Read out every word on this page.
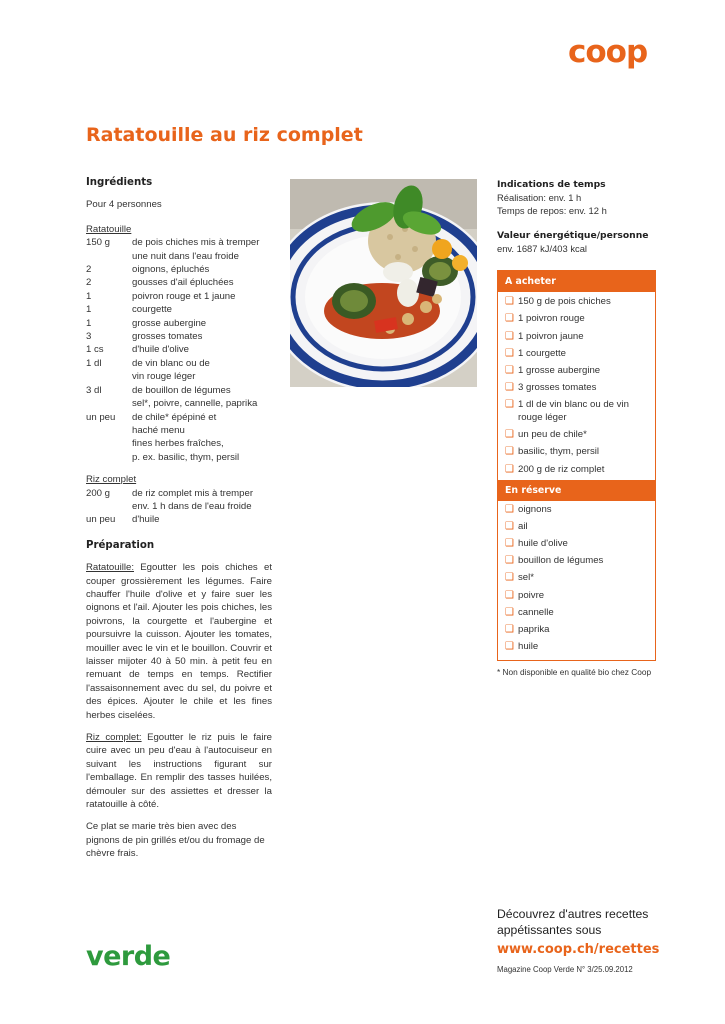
coop
Ratatouille au riz complet
Ingrédients
Pour 4 personnes
Ratatouille
150 g	de pois chiches mis à tremper
une nuit dans l'eau froide
2	oignons, épluchés
2	gousses d'ail épluchées
1	poivron rouge et 1 jaune
1	courgette
1	grosse aubergine
3	grosses tomates
1 cs	d'huile d'olive
1 dl	de vin blanc ou de
vin rouge léger
3 dl	de bouillon de légumes
sel*, poivre, cannelle, paprika
un peu	de chile* épépiné et
haché menu
fines herbes fraîches,
p. ex. basilic, thym, persil
Riz complet
200 g	de riz complet mis à tremper
env. 1 h dans de l'eau froide
un peu	d'huile
Préparation

Ratatouille: Egoutter les pois chiches et couper grossièrement les légumes. Faire chauffer l'huile d'olive et y faire suer les oignons et l'ail. Ajouter les pois chiches, les poivrons, la courgette et l'aubergine et poursuivre la cuisson. Ajouter les tomates, mouiller avec le vin et le bouillon. Couvrir et laisser mijoter 40 à 50 min. à petit feu en remuant de temps en temps. Rectifier l'assaisonnement avec du sel, du poivre et des épices. Ajouter le chile et les fines herbes ciselées.

Riz complet: Egoutter le riz puis le faire cuire avec un peu d'eau à l'autocuiseur en suivant les instructions figurant sur l'emballage. En remplir des tasses huilées, démouler sur des assiettes et dresser la ratatouille à côté.

Ce plat se marie très bien avec des pignons de pin grillés et/ou du fromage de chèvre frais.

Indications de temps
Réalisation: env. 1 h
Temps de repos: env. 12 h
Valeur énergétique/personne
env. 1687 kJ/403 kcal
A acheter
❑ 150 g de pois chiches
❑ 1 poivron rouge
❑ 1 poivron jaune
❑ 1 courgette
❑ 1 grosse aubergine
❑ 3 grosses tomates
❑ 1 dl de vin blanc ou de vin rouge léger
❑ un peu de chile*
❑ basilic, thym, persil
❑ 200 g de riz complet
En réserve
❑ oignons
❑ ail
❑ huile d'olive
❑ bouillon de légumes
❑ sel*
❑ poivre
❑ cannelle
❑ paprika
❑ huile
* Non disponible en qualité bio chez Coop
Découvrez d'autres recettes appétissantes sous
www.coop.ch/recettes
Magazine Coop Verde N° 3/25.09.2012
verde
